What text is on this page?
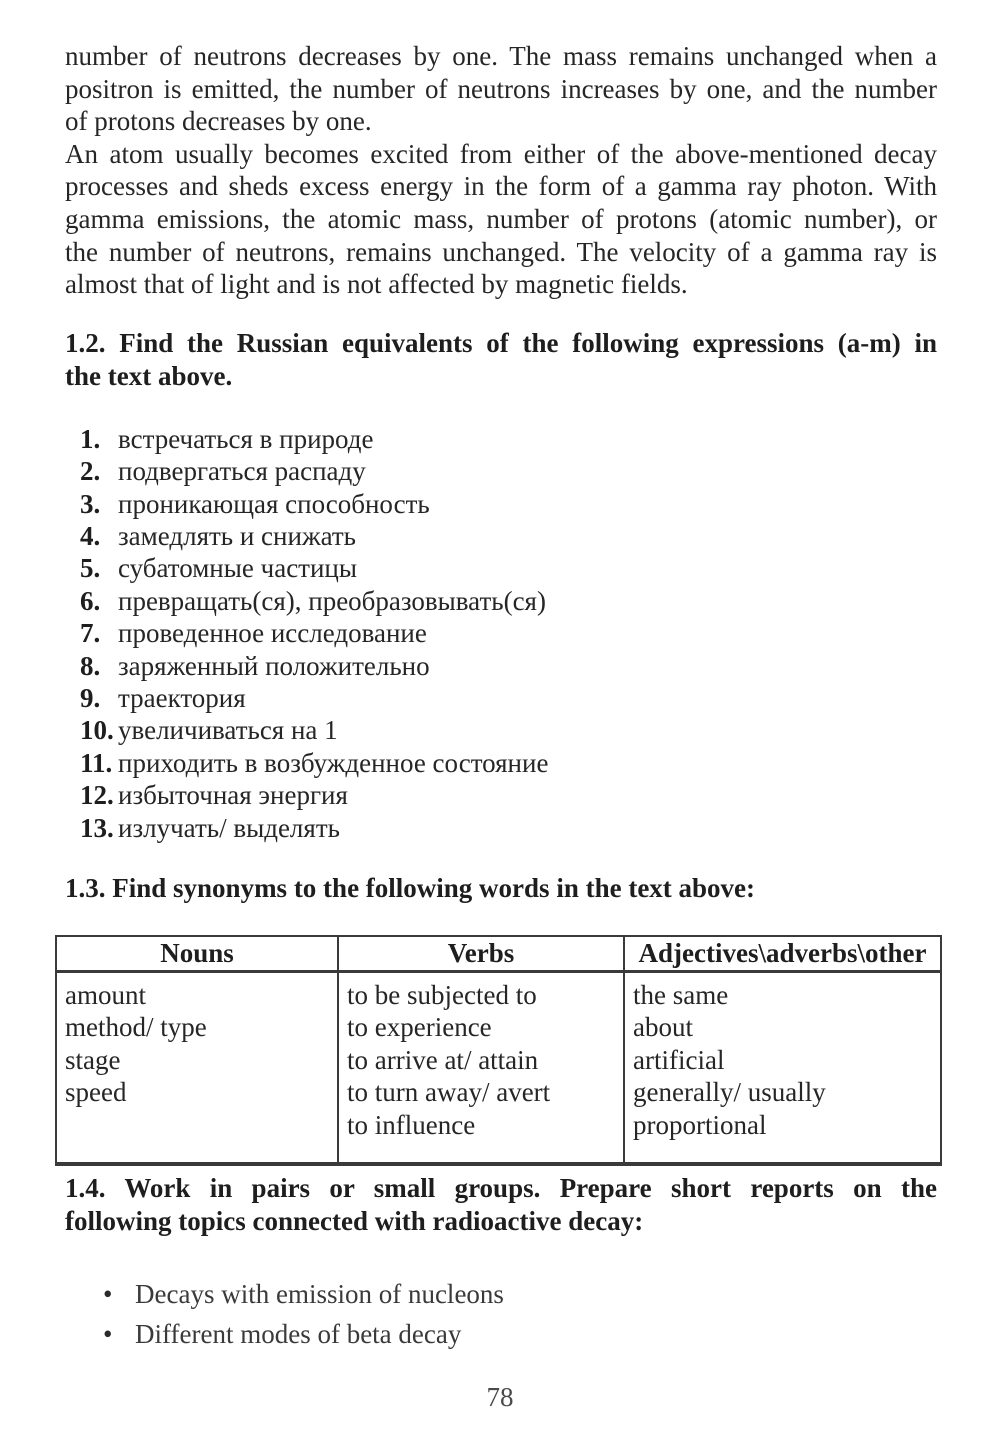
number of neutrons decreases by one. The mass remains unchanged when a
positron is emitted, the number of neutrons increases by one, and the number
of protons decreases by one.
An atom usually becomes excited from either of the above-mentioned decay
processes and sheds excess energy in the form of a gamma ray photon. With
gamma emissions, the atomic mass, number of protons (atomic number), or
the number of neutrons, remains unchanged. The velocity of a gamma ray is
almost that of light and is not affected by magnetic fields.
1.2. Find the Russian equivalents of the following expressions (a-m) in
the text above.
1. встречаться в природе
2. подвергаться распаду
3. проникающая способность
4. замедлять и снижать
5. субатомные частицы
6. превращать(ся), преобразовывать(ся)
7. проведенное исследование
8. заряженный положительно
9. траектория
10. увеличиваться на 1
11. приходить в возбужденное состояние
12. избыточная энергия
13. излучать/ выделять
1.3. Find synonyms to the following words in the text above:
Nouns	Verbs	Adjectives\adverbs\other

amount
method/ type
stage
speed

to be subjected to
to experience
to arrive at/ attain
to turn away/ avert
to influence

the same
about
artificial
generally/ usually
proportional
1.4. Work in pairs or small groups. Prepare short reports on the
following topics connected with radioactive decay:
• Decays with emission of nucleons
• Different modes of beta decay
78
